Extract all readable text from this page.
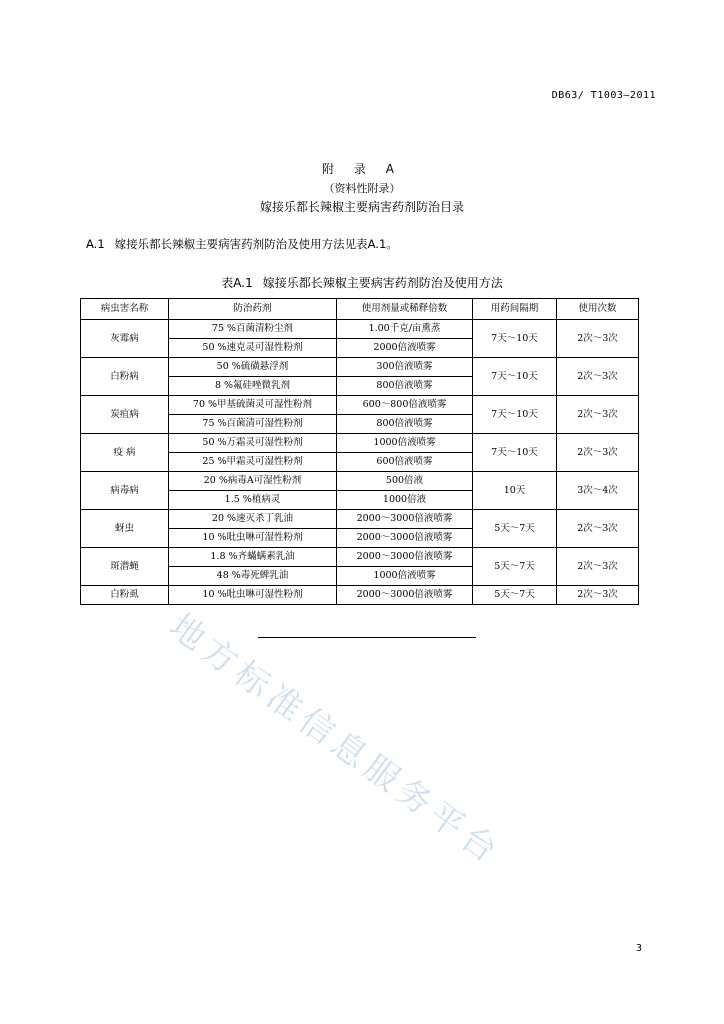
DB63/ T1003—2011
附 录 A
（资料性附录）
嫁接乐都长辣椒主要病害药剂防治目录
A.1 嫁接乐都长辣椒主要病害药剂防治及使用方法见表A.1。
表A.1 嫁接乐都长辣椒主要病害药剂防治及使用方法
病虫害名称	防治药剂	使用剂量或稀释倍数	用药间隔期	使用次数
灰霉病	75 %百菌清粉尘剂	1.00千克/亩熏蒸	7天～10天	2次～3次
	50 %速克灵可湿性粉剂	2000倍液喷雾		
白粉病	50 %硫磺悬浮剂	300倍液喷雾	7天～10天	2次～3次
	8 %氟硅唑微乳剂	800倍液喷雾		
炭疽病	70 %甲基硫菌灵可湿性粉剂	600～800倍液喷雾	7天～10天	2次～3次
	75 %百菌清可湿性粉剂	800倍液喷雾		
疫 病	50 %万霜灵可湿性粉剂	1000倍液喷雾	7天～10天	2次～3次
	25 %甲霜灵可湿性粉剂	600倍液喷雾		
病毒病	20 %病毒A可湿性粉剂	500倍液	10天	3次～4次
	1.5 %植病灵	1000倍液		
蚜虫	20 %速灭杀丁乳油	2000～3000倍液喷雾	5天～7天	2次～3次
	10 %吡虫啉可湿性粉剂	2000～3000倍液喷雾		
斑潜蝇	1.8 %齐蟎螨素乳油	2000～3000倍液喷雾	5天～7天	2次～3次
	48 %毒死蜱乳油	1000倍液喷雾		
白粉虱	10 %吡虫啉可湿性粉剂	2000～3000倍液喷雾	5天～7天	2次～3次
地方标准信息服务平台
3
